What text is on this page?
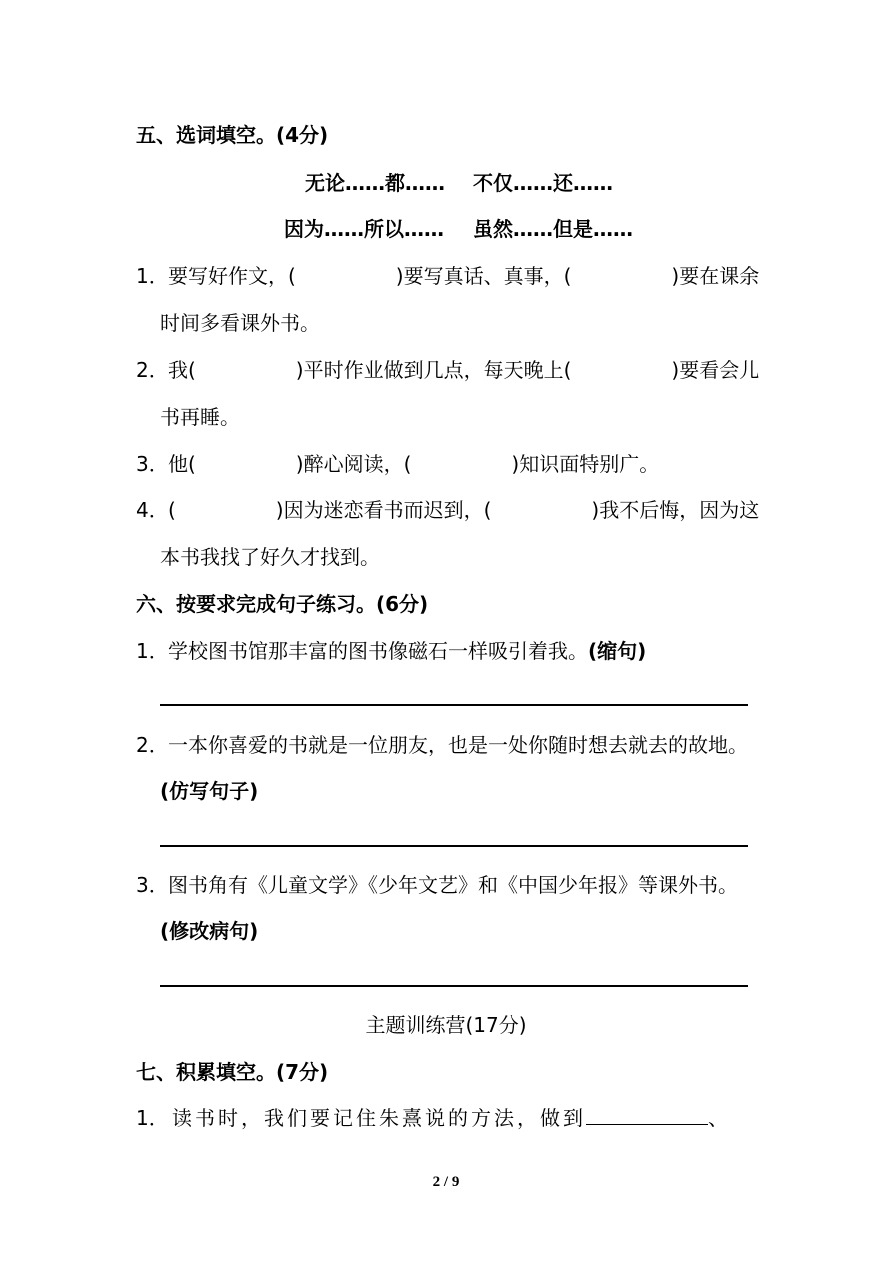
五、选词填空。(4分)
无论……都…… 不仅……还……
因为……所以…… 虽然……但是……
1． 要写好作文，(　　　　　)要写真话、真事，(　　　　　)要在课余
时间多看课外书。
2． 我(　　　　　)平时作业做到几点，每天晚上(　　　　　)要看会儿
书再睡。
3． 他(　　　　　)醉心阅读，(　　　　　)知识面特别广。
4． (　　　　　)因为迷恋看书而迟到，(　　　　　)我不后悔，因为这
本书我找了好久才找到。
六、按要求完成句子练习。(6分)
1． 学校图书馆那丰富的图书像磁石一样吸引着我。(缩句)
2． 一本你喜爱的书就是一位朋友，也是一处你随时想去就去的故地。
(仿写句子)
3． 图书角有《儿童文学》《少年文艺》和《中国少年报》等课外书。
(修改病句)
主题训练营(17分)
七、积累填空。(7分)
1． 读书时，我们要记住朱熹说的方法，做到	、
2 / 9
